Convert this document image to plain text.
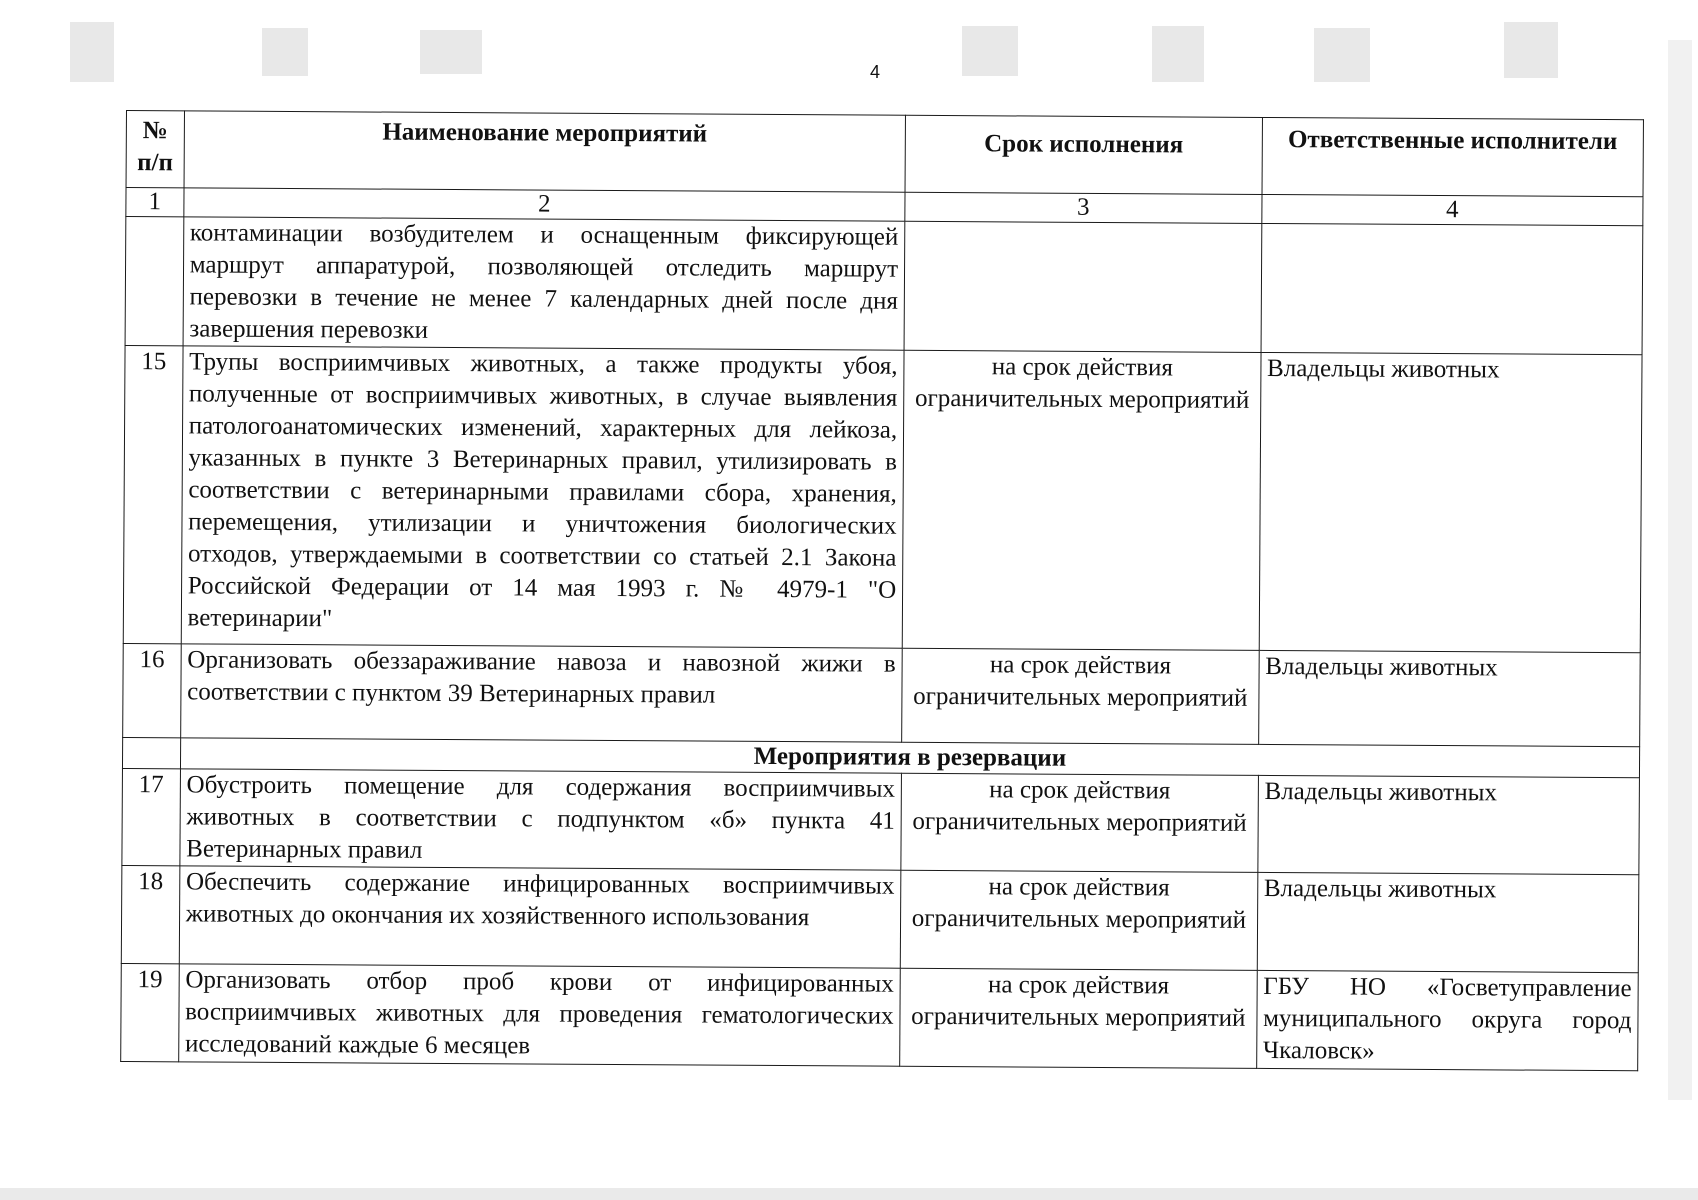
4
№ п/п	Наименование мероприятий	Срок исполнения	Ответственные исполнители
1	2	3	4
	контаминации возбудителем и оснащенным фиксирующей маршрут аппаратурой, позволяющей отследить маршрут перевозки в течение не менее 7 календарных дней после дня завершения перевозки		
15	Трупы восприимчивых животных, а также продукты убоя, полученные от восприимчивых животных, в случае выявления патологоанатомических изменений, характерных для лейкоза, указанных в пункте 3 Ветеринарных правил, утилизировать в соответствии с ветеринарными правилами сбора, хранения, перемещения, утилизации и уничтожения биологических отходов, утверждаемыми в соответствии со статьей 2.1 Закона Российской Федерации от 14 мая 1993 г. № 4979-1 "О ветеринарии"	на срок действия ограничительных мероприятий	Владельцы животных
16	Организовать обеззараживание навоза и навозной жижи в соответствии с пунктом 39 Ветеринарных правил	на срок действия ограничительных мероприятий	Владельцы животных
	Мероприятия в резервации		
17	Обустроить помещение для содержания восприимчивых животных в соответствии с подпунктом «б» пункта 41 Ветеринарных правил	на срок действия ограничительных мероприятий	Владельцы животных
18	Обеспечить содержание инфицированных восприимчивых животных до окончания их хозяйственного использования	на срок действия ограничительных мероприятий	Владельцы животных
19	Организовать отбор проб крови от инфицированных восприимчивых животных для проведения гематологических исследований каждые 6 месяцев	на срок действия ограничительных мероприятий	ГБУ НО «Госветуправление муниципального округа город Чкаловск»
